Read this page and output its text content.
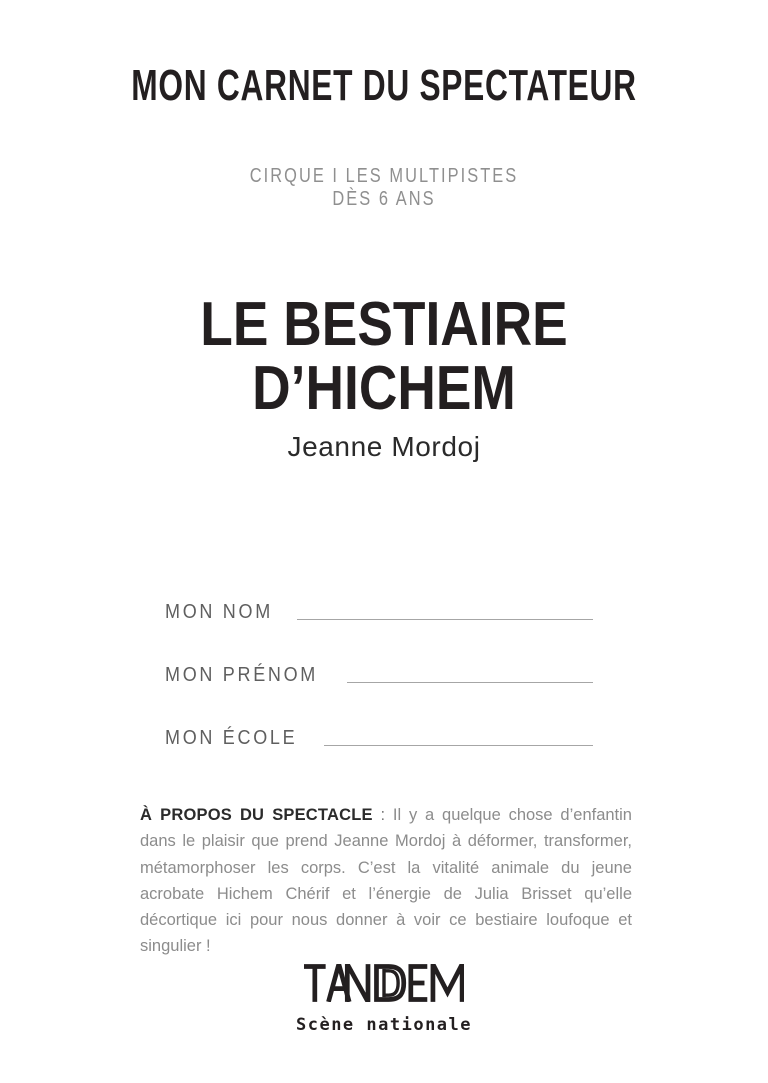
MON CARNET DU SPECTATEUR
CIRQUE I LES MULTIPISTES
DÈS 6 ANS
LE BESTIAIRE
D’HICHEM
Jeanne Mordoj
MON NOM
MON PRÉNOM
MON ÉCOLE

À PROPOS DU SPECTACLE : Il y a quelque chose d’enfantin dans le plaisir que prend Jeanne Mordoj à déformer, transformer, métamorphoser les corps. C’est la vitalité animale du jeune acrobate Hichem Chérif et l’énergie de Julia Brisset qu’elle décortique ici pour nous donner à voir ce bestiaire loufoque et singulier !

Scène nationale
